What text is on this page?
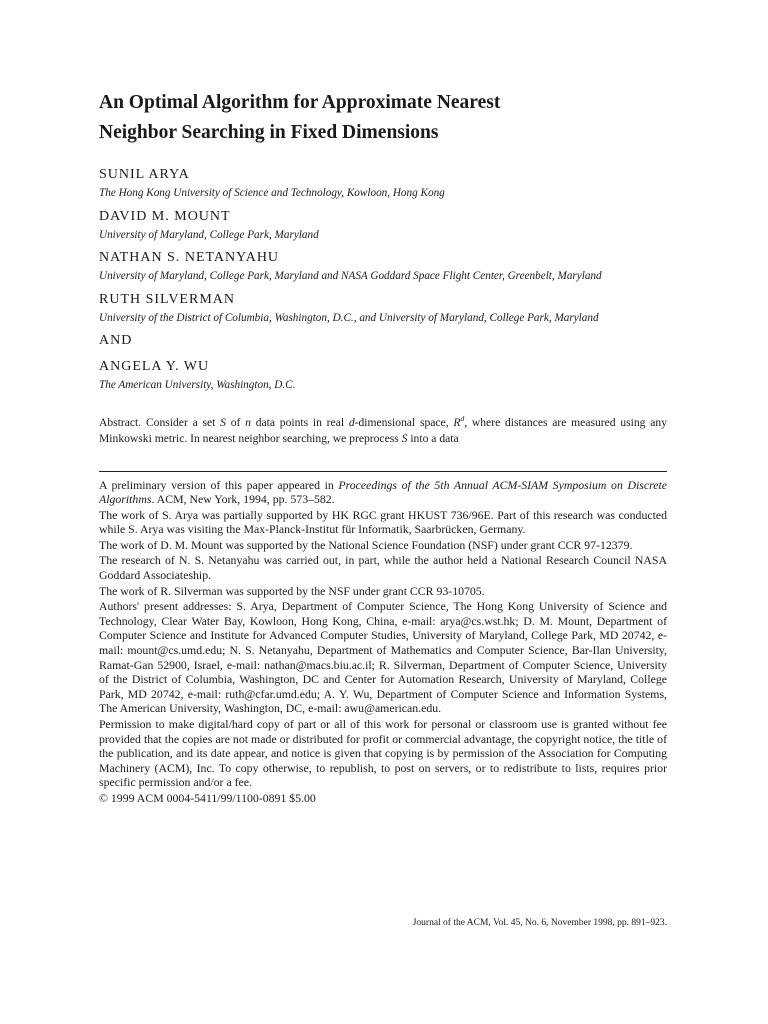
An Optimal Algorithm for Approximate Nearest
Neighbor Searching in Fixed Dimensions

SUNIL ARYA

The Hong Kong University of Science and Technology, Kowloon, Hong Kong

DAVID M. MOUNT

University of Maryland, College Park, Maryland

NATHAN S. NETANYAHU

University of Maryland, College Park, Maryland and NASA Goddard Space Flight Center, Greenbelt, Maryland

RUTH SILVERMAN

University of the District of Columbia, Washington, D.C., and University of Maryland, College Park, Maryland

AND

ANGELA Y. WU

The American University, Washington, D.C.

Abstract. Consider a set S of n data points in real d-dimensional space, $R^d$, where distances are measured using any Minkowski metric. In nearest neighbor searching, we preprocess S into a data

A preliminary version of this paper appeared in Proceedings of the 5th Annual ACM-SIAM Symposium on Discrete Algorithms. ACM, New York, 1994, pp. 573–582.

The work of S. Arya was partially supported by HK RGC grant HKUST 736/96E. Part of this research was conducted while S. Arya was visiting the Max-Planck-Institut für Informatik, Saarbrücken, Germany.

The work of D. M. Mount was supported by the National Science Foundation (NSF) under grant CCR 97-12379.

The research of N. S. Netanyahu was carried out, in part, while the author held a National Research Council NASA Goddard Associateship.

The work of R. Silverman was supported by the NSF under grant CCR 93-10705.

Authors' present addresses: S. Arya, Department of Computer Science, The Hong Kong University of Science and Technology, Clear Water Bay, Kowloon, Hong Kong, China, e-mail: arya@cs.wst.hk; D. M. Mount, Department of Computer Science and Institute for Advanced Computer Studies, University of Maryland, College Park, MD 20742, e-mail: mount@cs.umd.edu; N. S. Netanyahu, Department of Mathematics and Computer Science, Bar-Ilan University, Ramat-Gan 52900, Israel, e-mail: nathan@macs.biu.ac.il; R. Silverman, Department of Computer Science, University of the District of Columbia, Washington, DC and Center for Automation Research, University of Maryland, College Park, MD 20742, e-mail: ruth@cfar.umd.edu; A. Y. Wu, Department of Computer Science and Information Systems, The American University, Washington, DC, e-mail: awu@american.edu.

Permission to make digital/hard copy of part or all of this work for personal or classroom use is granted without fee provided that the copies are not made or distributed for profit or commercial advantage, the copyright notice, the title of the publication, and its date appear, and notice is given that copying is by permission of the Association for Computing Machinery (ACM), Inc. To copy otherwise, to republish, to post on servers, or to redistribute to lists, requires prior specific permission and/or a fee.

© 1999 ACM 0004-5411/99/1100-0891 $5.00

Journal of the ACM, Vol. 45, No. 6, November 1998, pp. 891–923.
